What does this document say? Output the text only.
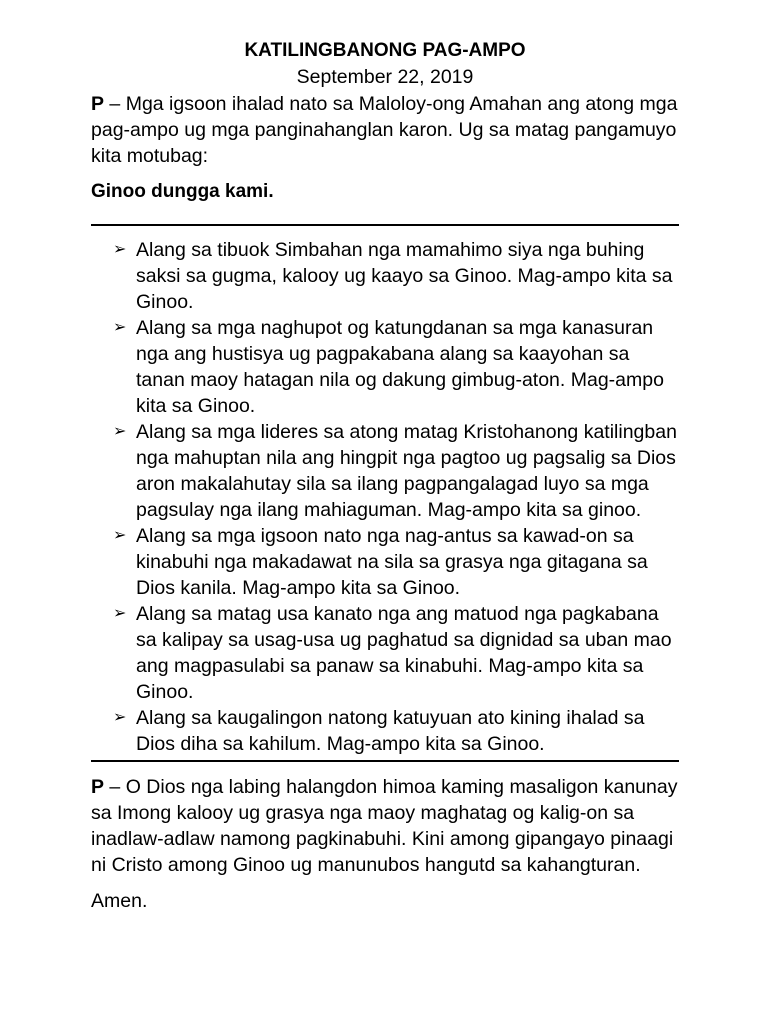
KATILINGBANONG PAG-AMPO

September 22, 2019

P – Mga igsoon ihalad nato sa Maloloy-ong Amahan ang atong mga pag-ampo ug mga panginahanglan karon. Ug sa matag pangamuyo kita motubag:

Ginoo dungga kami.

➢ Alang sa tibuok Simbahan nga mamahimo siya nga buhing saksi sa gugma, kalooy ug kaayo sa Ginoo. Mag-ampo kita sa Ginoo.
➢ Alang sa mga naghupot og katungdanan sa mga kanasuran nga ang hustisya ug pagpakabana alang sa kaayohan sa tanan maoy hatagan nila og dakung gimbug-aton. Mag-ampo kita sa Ginoo.
➢ Alang sa mga lideres sa atong matag Kristohanong katilingban nga mahuptan nila ang hingpit nga pagtoo ug pagsalig sa Dios aron makalahutay sila sa ilang pagpangalagad luyo sa mga pagsulay nga ilang mahiaguman. Mag-ampo kita sa ginoo.
➢ Alang sa mga igsoon nato nga nag-antus sa kawad-on sa kinabuhi nga makadawat na sila sa grasya nga gitagana sa Dios kanila. Mag-ampo kita sa Ginoo.
➢ Alang sa matag usa kanato nga ang matuod nga pagkabana sa kalipay sa usag-usa ug paghatud sa dignidad sa uban mao ang magpasulabi sa panaw sa kinabuhi. Mag-ampo kita sa Ginoo.
➢ Alang sa kaugalingon natong katuyuan ato kining ihalad sa Dios diha sa kahilum. Mag-ampo kita sa Ginoo.

P – O Dios nga labing halangdon himoa kaming masaligon kanunay sa Imong kalooy ug grasya nga maoy maghatag og kalig-on sa inadlaw-adlaw namong pagkinabuhi. Kini among gipangayo pinaagi ni Cristo among Ginoo ug manunubos hangutd sa kahangturan.

Amen.
